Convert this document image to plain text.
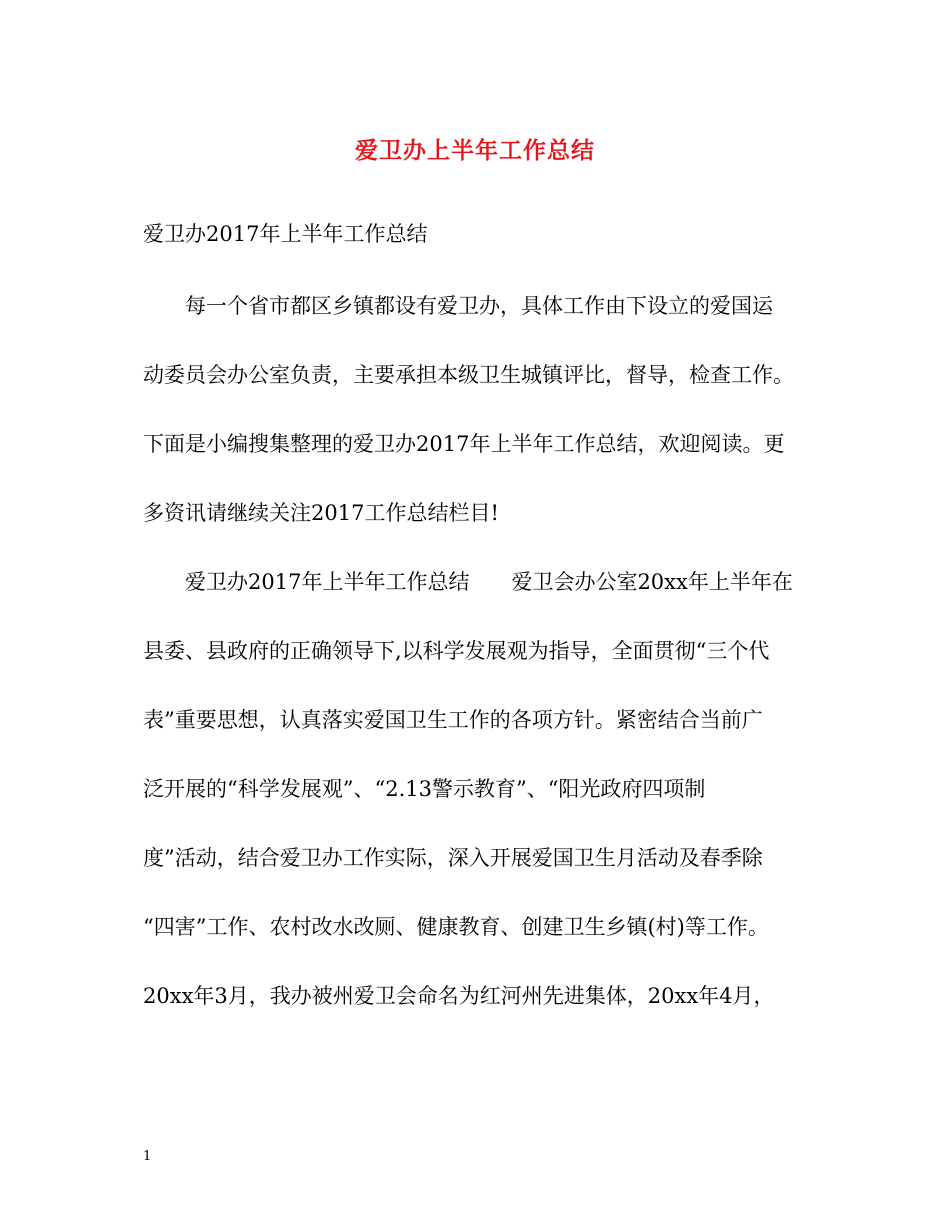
爱卫办上半年工作总结
爱卫办2017年上半年工作总结
　　每一个省市都区乡镇都设有爱卫办，具体工作由下设立的爱国运
动委员会办公室负责，主要承担本级卫生城镇评比，督导，检查工作。
下面是小编搜集整理的爱卫办2017年上半年工作总结，欢迎阅读。更
多资讯请继续关注2017工作总结栏目!
　　爱卫办2017年上半年工作总结　　爱卫会办公室20xx年上半年在
县委、县政府的正确领导下,以科学发展观为指导，全面贯彻“三个代
表”重要思想，认真落实爱国卫生工作的各项方针。紧密结合当前广
泛开展的“科学发展观”、“2.13警示教育”、“阳光政府四项制
度”活动，结合爱卫办工作实际，深入开展爱国卫生月活动及春季除
“四害”工作、农村改水改厕、健康教育、创建卫生乡镇(村)等工作。
20xx年3月，我办被州爱卫会命名为红河州先进集体，20xx年4月，
1
